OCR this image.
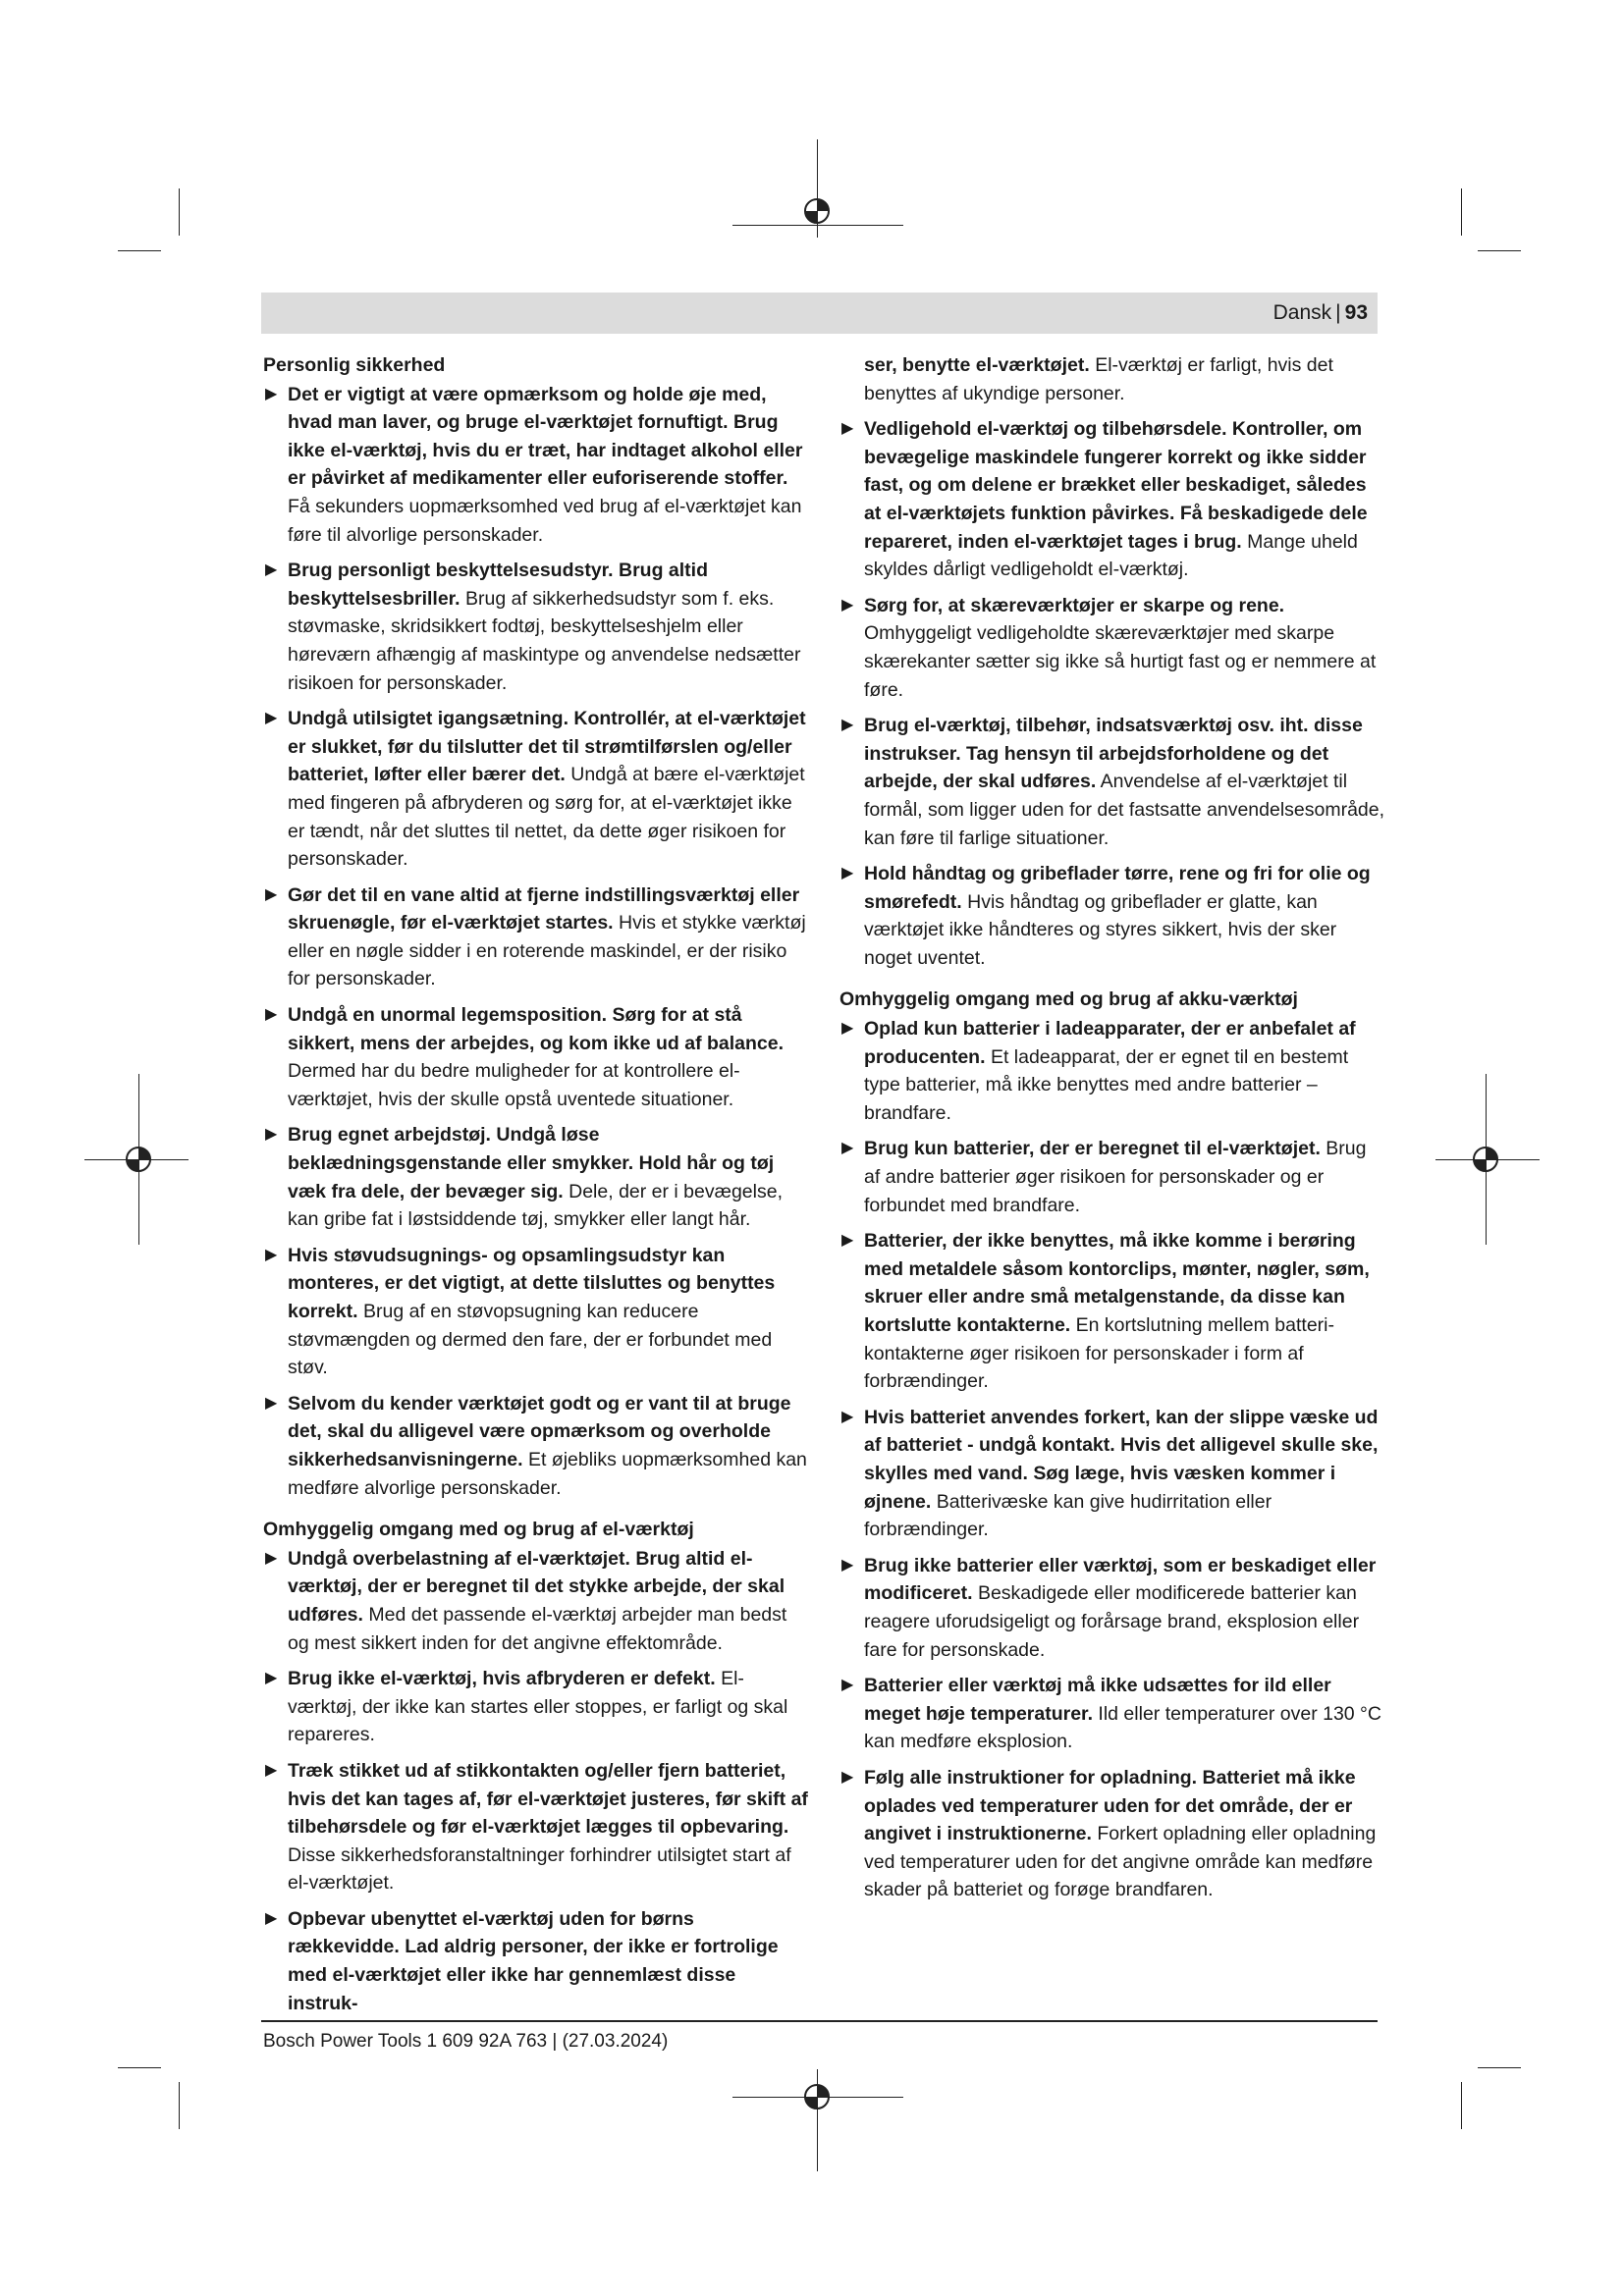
Dansk | 93

Personlig sikkerhed

▶ Det er vigtigt at være opmærksom og holde øje med, hvad man laver, og bruge el-værktøjet fornuftigt. Brug ikke el-værktøj, hvis du er træt, har indtaget alkohol eller er påvirket af medikamenter eller euforiserende stoffer. Få sekunders uopmærksomhed ved brug af el-værktøjet kan føre til alvorlige personskader.
▶ Brug personligt beskyttelsesudstyr. Brug altid beskyttelsesbriller. Brug af sikkerhedsudstyr som f. eks. støvmaske, skridsikkert fodtøj, beskyttelseshjelm eller høreværn afhængig af maskintype og anvendelse nedsætter risikoen for personskader.
▶ Undgå utilsigtet igangsætning. Kontrollér, at el-værktøjet er slukket, før du tilslutter det til strømtilførslen og/eller batteriet, løfter eller bærer det. Undgå at bære el-værktøjet med fingeren på afbryderen og sørg for, at el-værktøjet ikke er tændt, når det sluttes til nettet, da dette øger risikoen for personskader.
▶ Gør det til en vane altid at fjerne indstillingsværktøj eller skruenøgle, før el-værktøjet startes. Hvis et stykke værktøj eller en nøgle sidder i en roterende maskindel, er der risiko for personskader.
▶ Undgå en unormal legemsposition. Sørg for at stå sikkert, mens der arbejdes, og kom ikke ud af balance. Dermed har du bedre muligheder for at kontrollere el-værktøjet, hvis der skulle opstå uventede situationer.
▶ Brug egnet arbejdstøj. Undgå løse beklædningsgenstande eller smykker. Hold hår og tøj væk fra dele, der bevæger sig. Dele, der er i bevægelse, kan gribe fat i løstsiddende tøj, smykker eller langt hår.
▶ Hvis støvudsugnings- og opsamlingsudstyr kan monteres, er det vigtigt, at dette tilsluttes og benyttes korrekt. Brug af en støvopsugning kan reducere støvmængden og dermed den fare, der er forbundet med støv.
▶ Selvom du kender værktøjet godt og er vant til at bruge det, skal du alligevel være opmærksom og overholde sikkerhedsanvisningerne. Et øjebliks uopmærksomhed kan medføre alvorlige personskader.

Omhyggelig omgang med og brug af el-værktøj

▶ Undgå overbelastning af el-værktøjet. Brug altid el-værktøj, der er beregnet til det stykke arbejde, der skal udføres. Med det passende el-værktøj arbejder man bedst og mest sikkert inden for det angivne effektområde.
▶ Brug ikke el-værktøj, hvis afbryderen er defekt. El-værktøj, der ikke kan startes eller stoppes, er farligt og skal repareres.
▶ Træk stikket ud af stikkontakten og/eller fjern batteriet, hvis det kan tages af, før el-værktøjet justeres, før skift af tilbehørsdele og før el-værktøjet lægges til opbevaring. Disse sikkerhedsforanstaltninger forhindrer utilsigtet start af el-værktøjet.
▶ Opbevar ubenyttet el-værktøj uden for børns rækkevidde. Lad aldrig personer, der ikke er fortrolige med el-værktøjet eller ikke har gennemlæst disse instruk-
ser, benytte el-værktøjet. El-værktøj er farligt, hvis det benyttes af ukyndige personer.
▶ Vedligehold el-værktøj og tilbehørsdele. Kontroller, om bevægelige maskindele fungerer korrekt og ikke sidder fast, og om delene er brækket eller beskadiget, således at el-værktøjets funktion påvirkes. Få beskadigede dele repareret, inden el-værktøjet tages i brug. Mange uheld skyldes dårligt vedligeholdt el-værktøj.
▶ Sørg for, at skæreværktøjer er skarpe og rene. Omhyggeligt vedligeholdte skæreværktøjer med skarpe skærekanter sætter sig ikke så hurtigt fast og er nemmere at føre.
▶ Brug el-værktøj, tilbehør, indsatsværktøj osv. iht. disse instrukser. Tag hensyn til arbejdsforholdene og det arbejde, der skal udføres. Anvendelse af el-værktøjet til formål, som ligger uden for det fastsatte anvendelsesområde, kan føre til farlige situationer.
▶ Hold håndtag og gribeflader tørre, rene og fri for olie og smørefedt. Hvis håndtag og gribeflader er glatte, kan værktøjet ikke håndteres og styres sikkert, hvis der sker noget uventet.

Omhyggelig omgang med og brug af akku-værktøj

▶ Oplad kun batterier i ladeapparater, der er anbefalet af producenten. Et ladeapparat, der er egnet til en bestemt type batterier, må ikke benyttes med andre batterier – brandfare.
▶ Brug kun batterier, der er beregnet til el-værktøjet. Brug af andre batterier øger risikoen for personskader og er forbundet med brandfare.
▶ Batterier, der ikke benyttes, må ikke komme i berøring med metaldele såsom kontorclips, mønter, nøgler, søm, skruer eller andre små metalgenstande, da disse kan kortslutte kontakterne. En kortslutning mellem batteri-kontakterne øger risikoen for personskader i form af forbrændinger.
▶ Hvis batteriet anvendes forkert, kan der slippe væske ud af batteriet - undgå kontakt. Hvis det alligevel skulle ske, skylles med vand. Søg læge, hvis væsken kommer i øjnene. Batterivæske kan give hudirritation eller forbrændinger.
▶ Brug ikke batterier eller værktøj, som er beskadiget eller modificeret. Beskadigede eller modificerede batterier kan reagere uforudsigeligt og forårsage brand, eksplosion eller fare for personskade.
▶ Batterier eller værktøj må ikke udsættes for ild eller meget høje temperaturer. Ild eller temperaturer over 130 °C kan medføre eksplosion.
▶ Følg alle instruktioner for opladning. Batteriet må ikke oplades ved temperaturer uden for det område, der er angivet i instruktionerne. Forkert opladning eller opladning ved temperaturer uden for det angivne område kan medføre skader på batteriet og forøge brandfaren.
Bosch Power Tools 1 609 92A 763 | (27.03.2024)
